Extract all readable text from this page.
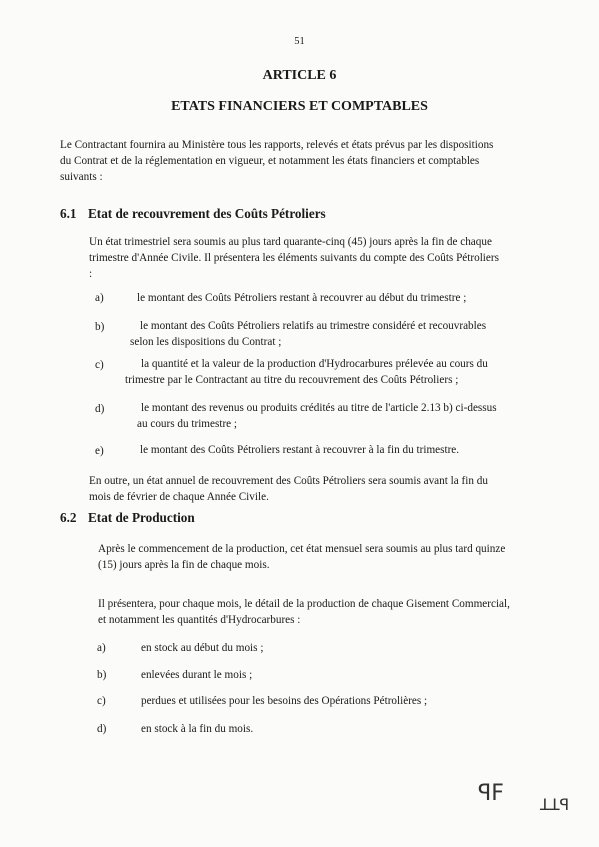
51
ARTICLE 6
ETATS FINANCIERS ET COMPTABLES
Le Contractant fournira au Ministère tous les rapports, relevés et états prévus par les dispositions
du Contrat et de la réglementation en vigueur, et notamment les états financiers et comptables
suivants :
6.1 Etat de recouvrement des Coûts Pétroliers
Un état trimestriel sera soumis au plus tard quarante-cinq (45) jours après la fin de chaque
trimestre d'Année Civile. Il présentera les éléments suivants du compte des Coûts Pétroliers
:
a)	le montant des Coûts Pétroliers restant à recouvrer au début du trimestre ;
b)	le montant des Coûts Pétroliers relatifs au trimestre considéré et recouvrables
selon les dispositions du Contrat ;
c)	la quantité et la valeur de la production d'Hydrocarbures prélevée au cours du
trimestre par le Contractant au titre du recouvrement des Coûts Pétroliers ;
d)	le montant des revenus ou produits crédités au titre de l'article 2.13 b) ci-dessus
au cours du trimestre ;
e)	le montant des Coûts Pétroliers restant à recouvrer à la fin du trimestre.
En outre, un état annuel de recouvrement des Coûts Pétroliers sera soumis avant la fin du
mois de février de chaque Année Civile.
6.2 Etat de Production
Après le commencement de la production, cet état mensuel sera soumis au plus tard quinze
(15) jours après la fin de chaque mois.
Il présentera, pour chaque mois, le détail de la production de chaque Gisement Commercial,
et notamment les quantités d'Hydrocarbures :
a)	en stock au début du mois ;
b)	enlevées durant le mois ;
c)	perdues et utilisées pour les besoins des Opérations Pétrolières ;
d)	en stock à la fin du mois.
ꟼF ꓕꓕꟼ
